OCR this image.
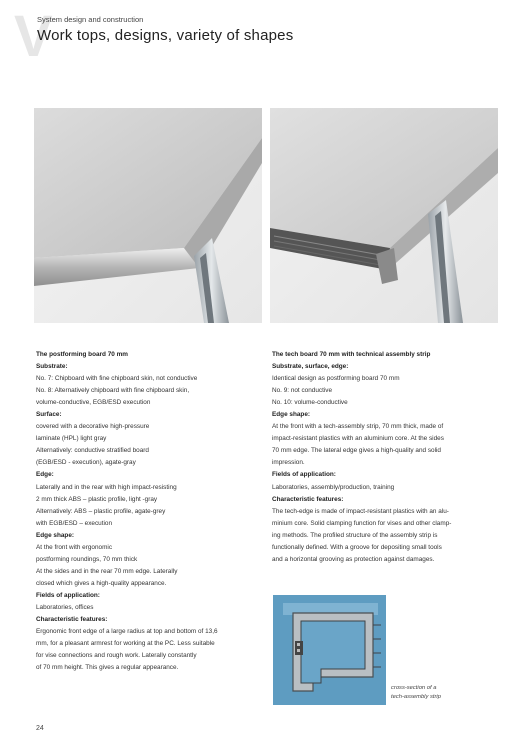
V
System design and construction
Work tops, designs, variety of shapes
The postforming board 70 mm
Substrate:
No. 7: Chipboard with fine chipboard skin, not conductive
No. 8: Alternatively chipboard with fine chipboard skin,
volume-conductive, EGB/ESD execution
Surface:
covered with a decorative high-pressure
laminate (HPL) light gray
Alternatively: conductive stratified board
(EGB/ESD - execution), agate-gray
Edge:
Laterally and in the rear with high impact-resisting
2 mm thick ABS – plastic profile, light -gray
Alternatively: ABS – plastic profile, agate-grey
with EGB/ESD – execution
Edge shape:
At the front with ergonomic
postforming roundings, 70 mm thick
At the sides and in the rear 70 mm edge. Laterally
closed which gives a high-quality appearance.
Fields of application:
Laboratories, offices
Characteristic features:
Ergonomic front edge of a large radius at top and bottom of 13,6
mm, for a pleasant armrest for working at the PC. Less suitable
for vise connections and rough work. Laterally constantly
of 70 mm height. This gives a regular appearance.
The tech board 70 mm with technical assembly strip
Substrate, surface, edge:
Identical design as postforming board 70 mm
No. 9: not conductive
No. 10: volume-conductive
Edge shape:
At the front with a tech-assembly strip, 70 mm thick, made of
impact-resistant plastics with an aluminium core. At the sides
70 mm edge. The lateral edge gives a high-quality and solid
impression.
Fields of application:
Laboratories, assembly/production, training
Characteristic features:
The tech-edge is made of impact-resistant plastics with an alu-
minium core. Solid clamping function for vises and other clamp-
ing methods. The profiled structure of the assembly strip is
functionally defined. With a groove for depositing small tools
and a horizontal grooving as protection against damages.
cross-section of a
tech-assembly strip
24
